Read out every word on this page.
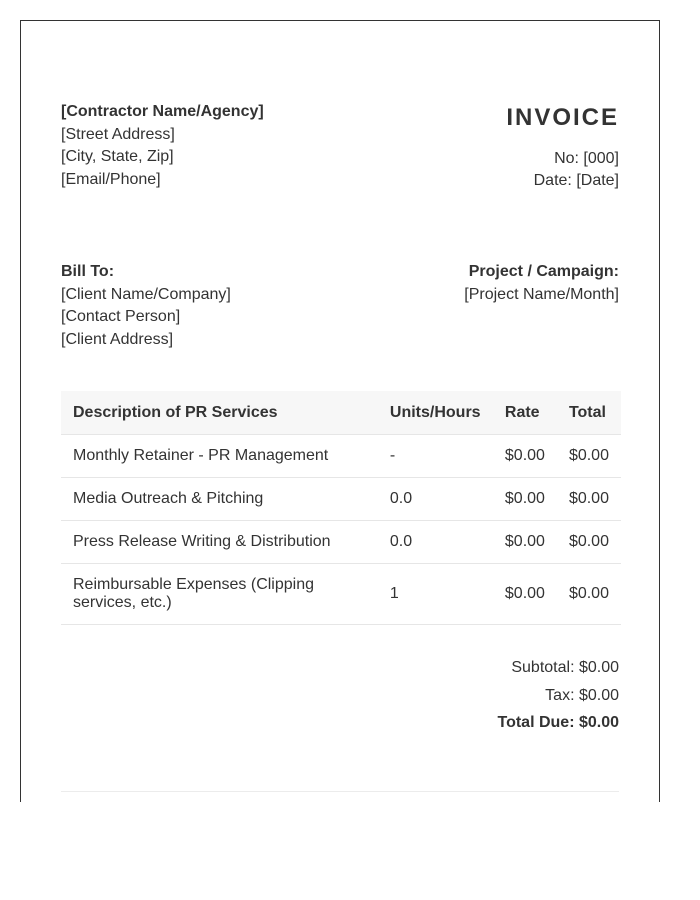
[Contractor Name/Agency]
[Street Address]
[City, State, Zip]
[Email/Phone]
INVOICE
No: [000]
Date: [Date]
Bill To:
[Client Name/Company]
[Contact Person]
[Client Address]
Project / Campaign:
[Project Name/Month]
Description of PR Services	Units/Hours	Rate	Total
Monthly Retainer - PR Management	-	$0.00	$0.00
Media Outreach & Pitching	0.0	$0.00	$0.00
Press Release Writing & Distribution	0.0	$0.00	$0.00
Reimbursable Expenses (Clipping services, etc.)	1	$0.00	$0.00
Subtotal: $0.00
Tax: $0.00
Total Due: $0.00
